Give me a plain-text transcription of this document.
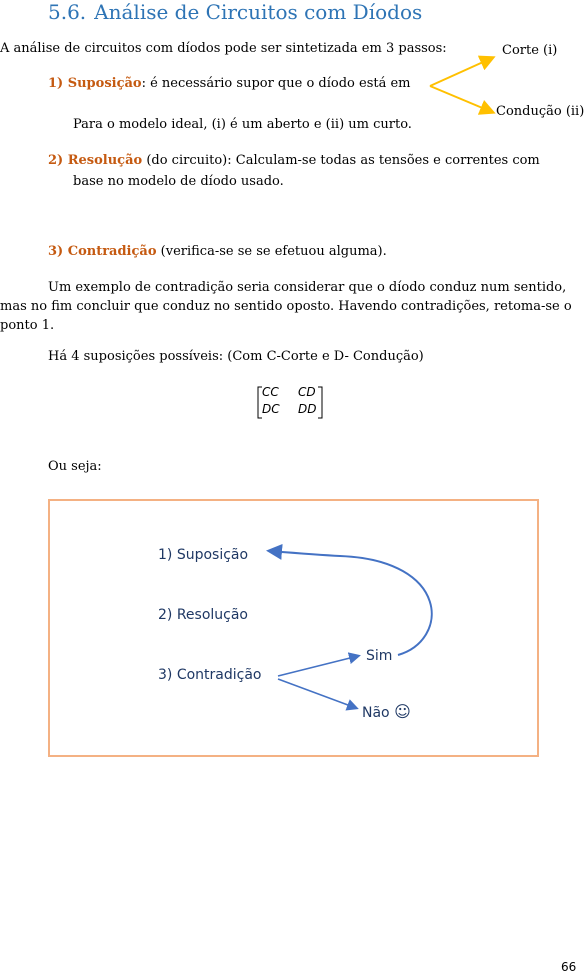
5.6. Análise de Circuitos com Díodos
A análise de circuitos com díodos pode ser sintetizada em 3 passos:
1) Suposição: é necessário supor que o díodo está em
Para o modelo ideal, (i) é um aberto e (ii) um curto.
Corte (i)
Condução (ii)
2) Resolução (do circuito): Calculam-se todas as tensões e correntes com
base no modelo de díodo usado.
3) Contradição (verifica-se se se efetuou alguma).
Um exemplo de contradição seria considerar que o díodo conduz num sentido, mas no fim concluir que conduz no sentido oposto. Havendo contradições, retoma-se o ponto 1.
Há 4 suposições possíveis: (Com C-Corte e D- Condução)
CC CD
DC DD
Ou seja:
1) Suposição
2) Resolução
3) Contradição
Sim
Não ☺
66
